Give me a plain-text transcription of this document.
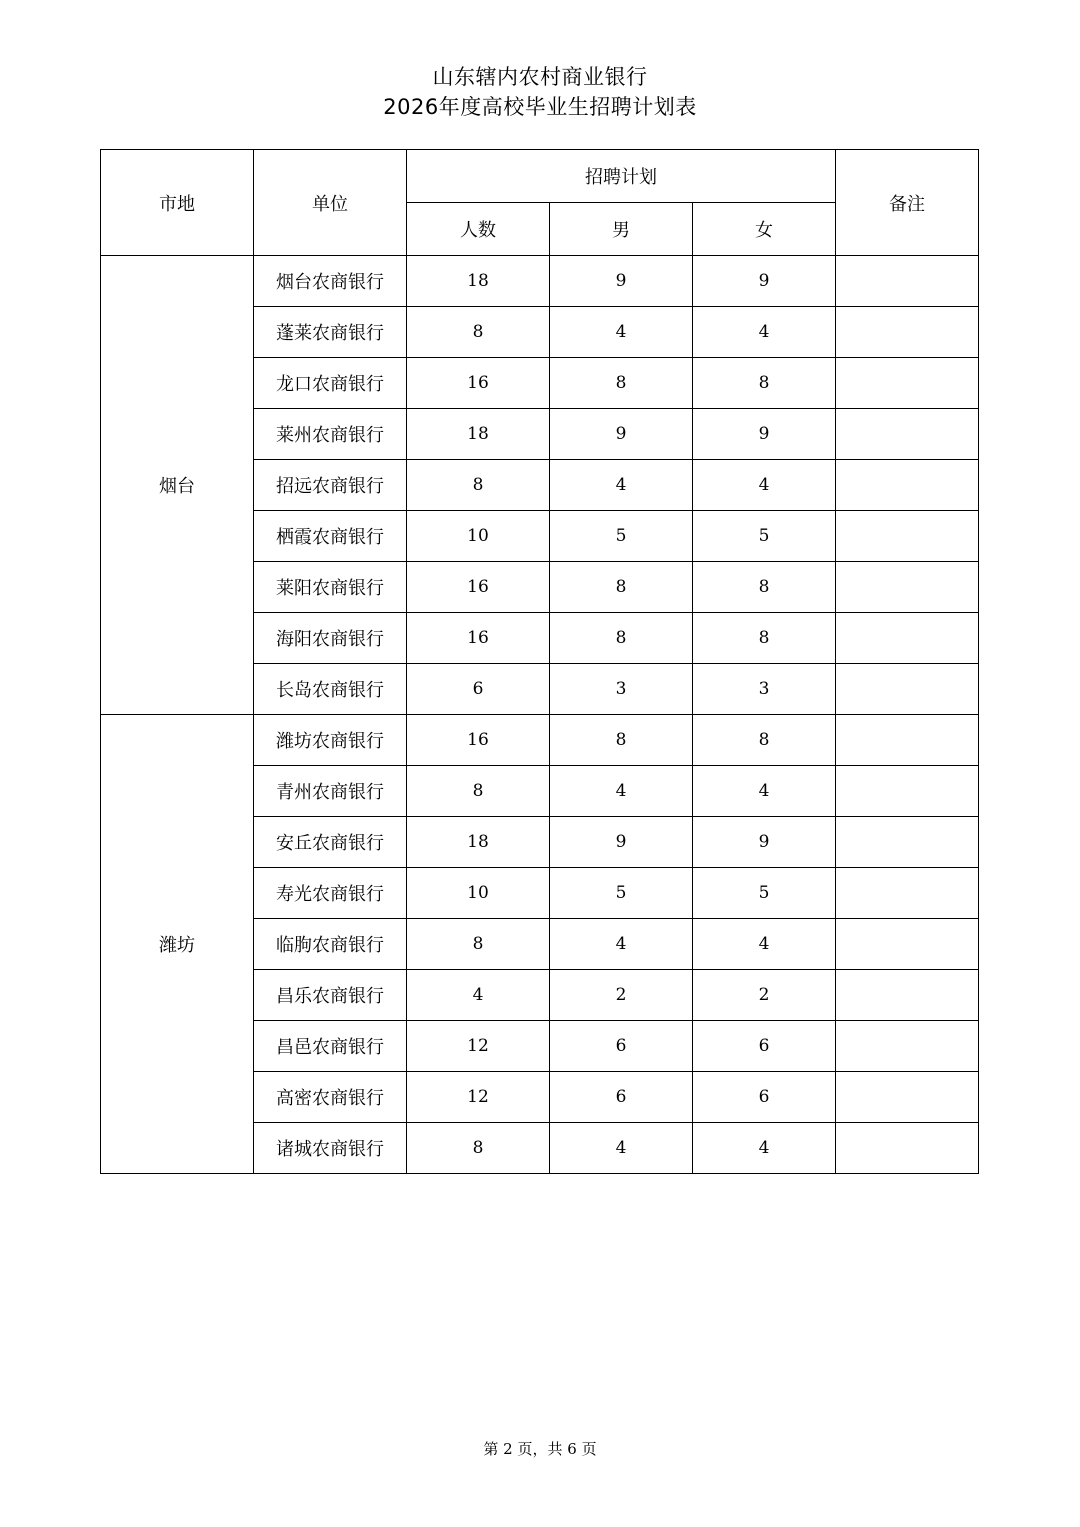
山东辖内农村商业银行
2026年度高校毕业生招聘计划表
市地	单位	招聘计划			备注
		人数	男	女	
烟台	烟台农商银行	18	9	9	
	蓬莱农商银行	8	4	4	
	龙口农商银行	16	8	8	
	莱州农商银行	18	9	9	
	招远农商银行	8	4	4	
	栖霞农商银行	10	5	5	
	莱阳农商银行	16	8	8	
	海阳农商银行	16	8	8	
	长岛农商银行	6	3	3	
潍坊	潍坊农商银行	16	8	8	
	青州农商银行	8	4	4	
	安丘农商银行	18	9	9	
	寿光农商银行	10	5	5	
	临朐农商银行	8	4	4	
	昌乐农商银行	4	2	2	
	昌邑农商银行	12	6	6	
	高密农商银行	12	6	6	
	诸城农商银行	8	4	4	
第 2 页，共 6 页
